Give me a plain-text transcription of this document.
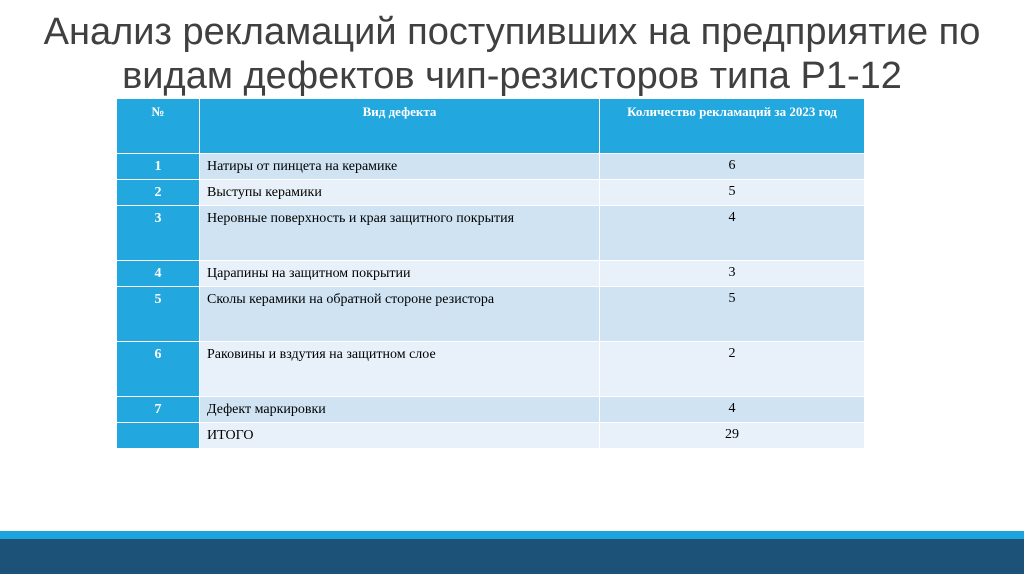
Анализ рекламаций поступивших на предприятие по
видам дефектов чип-резисторов типа Р1-12
№	Вид дефекта	Количество рекламаций за 2023 год
1	Натиры от пинцета на керамике	6
2	Выступы керамики	5
3	Неровные поверхность и края защитного покрытия	4
4	Царапины на защитном покрытии	3
5	Сколы керамики на обратной стороне резистора	5
6	Раковины и вздутия на защитном слое	2
7	Дефект маркировки	4
	ИТОГО	29
